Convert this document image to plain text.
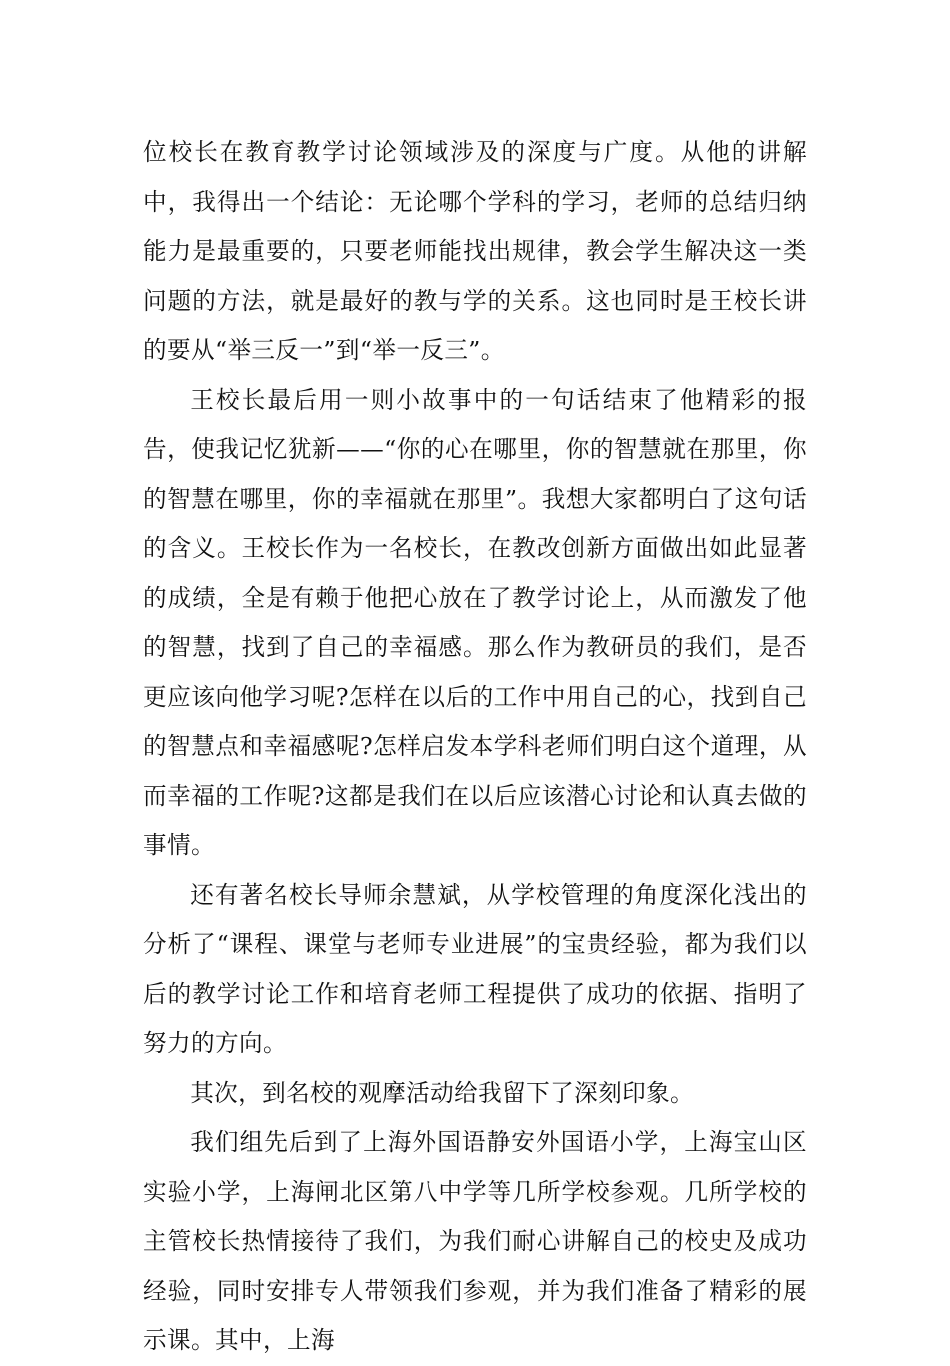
位校长在教育教学讨论领域涉及的深度与广度。从他的讲解中，我得出一个结论：无论哪个学科的学习，老师的总结归纳能力是最重要的，只要老师能找出规律，教会学生解决这一类问题的方法，就是最好的教与学的关系。这也同时是王校长讲的要从“举三反一”到“举一反三”。

王校长最后用一则小故事中的一句话结束了他精彩的报告，使我记忆犹新——“你的心在哪里，你的智慧就在那里，你的智慧在哪里，你的幸福就在那里”。我想大家都明白了这句话的含义。王校长作为一名校长，在教改创新方面做出如此显著的成绩，全是有赖于他把心放在了教学讨论上，从而激发了他的智慧，找到了自己的幸福感。那么作为教研员的我们，是否更应该向他学习呢?怎样在以后的工作中用自己的心，找到自己的智慧点和幸福感呢?怎样启发本学科老师们明白这个道理，从而幸福的工作呢?这都是我们在以后应该潜心讨论和认真去做的事情。

还有著名校长导师余慧斌，从学校管理的角度深化浅出的分析了“课程、课堂与老师专业进展”的宝贵经验，都为我们以后的教学讨论工作和培育老师工程提供了成功的依据、指明了努力的方向。

其次，到名校的观摩活动给我留下了深刻印象。

我们组先后到了上海外国语静安外国语小学，上海宝山区实验小学，上海闸北区第八中学等几所学校参观。几所学校的主管校长热情接待了我们，为我们耐心讲解自己的校史及成功经验，同时安排专人带领我们参观，并为我们准备了精彩的展示课。其中，上海
